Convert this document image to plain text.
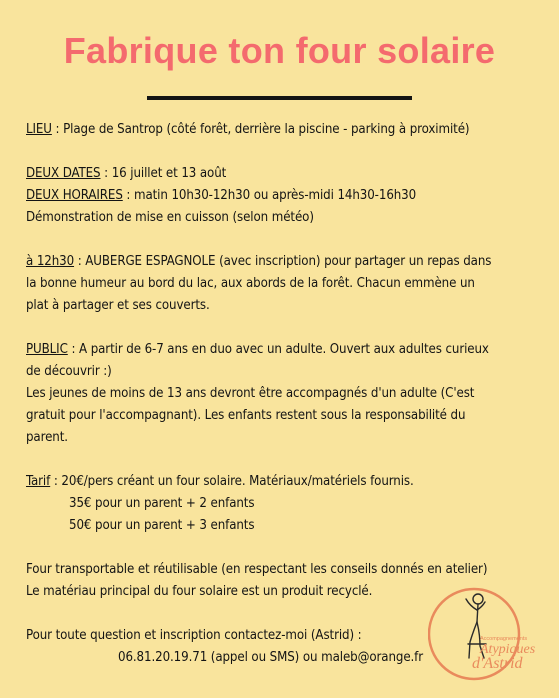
Fabrique ton four solaire

LIEU : Plage de Santrop (côté forêt, derrière la piscine - parking à proximité)

DEUX DATES : 16 juillet et 13 août

DEUX HORAIRES : matin 10h30-12h30 ou après-midi 14h30-16h30

Démonstration de mise en cuisson (selon météo)

à 12h30 : AUBERGE ESPAGNOLE (avec inscription) pour partager un repas dans

la bonne humeur au bord du lac, aux abords de la forêt. Chacun emmène un

plat à partager et ses couverts.

PUBLIC : A partir de 6-7 ans en duo avec un adulte. Ouvert aux adultes curieux

de découvrir :)

Les jeunes de moins de 13 ans devront être accompagnés d'un adulte (C'est

gratuit pour l'accompagnant). Les enfants restent sous la responsabilité du

parent.

Tarif : 20€/pers créant un four solaire. Matériaux/matériels fournis.

35€ pour un parent + 2 enfants

50€ pour un parent + 3 enfants

Four transportable et réutilisable (en respectant les conseils donnés en atelier)

Le matériau principal du four solaire est un produit recyclé.

Pour toute question et inscription contactez-moi (Astrid) :

06.81.20.19.71 (appel ou SMS) ou maleb@orange.fr

Accompagnements
Atypiques
d'Astrid
